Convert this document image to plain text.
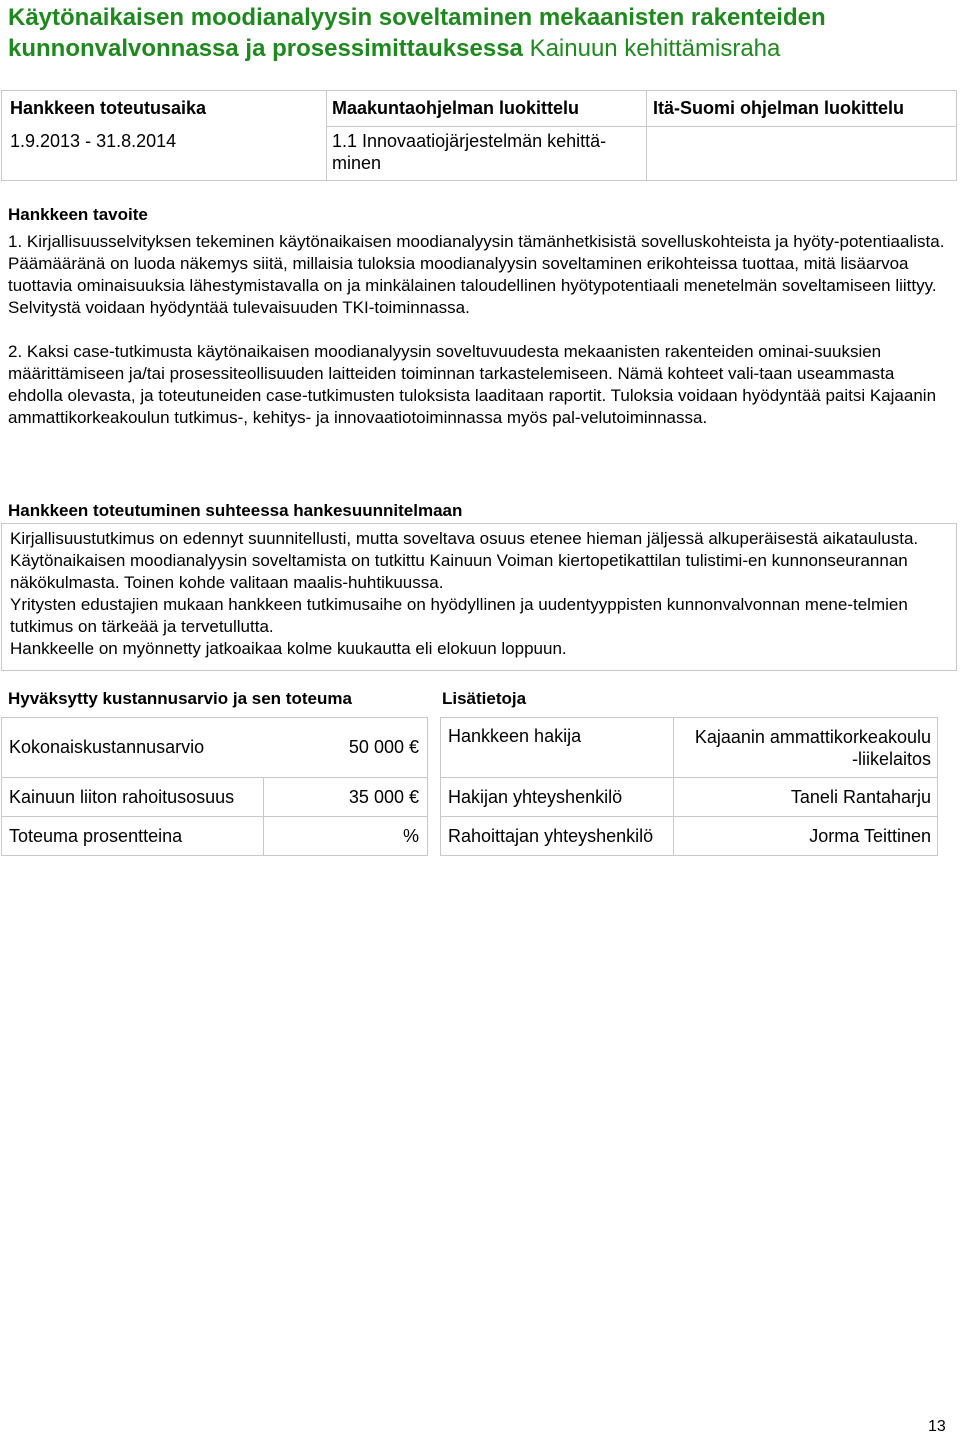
Käytönaikaisen moodianalyysin soveltaminen mekaanisten rakenteiden kunnonvalvonnassa ja prosessimittauksessa Kainuun kehittämisraha
Hankkeen toteutusaika	Maakuntaohjelman luokittelu	Itä-Suomi ohjelman luokittelu
1.9.2013 - 31.8.2014	1.1 Innovaatiojärjestelmän kehittä-
minen	

Hankkeen tavoite

1. Kirjallisuusselvityksen tekeminen käytönaikaisen moodianalyysin tämänhetkisistä sovelluskohteista ja hyöty-potentiaalista.

Päämääränä on luoda näkemys siitä, millaisia tuloksia moodianalyysin soveltaminen erikohteissa tuottaa, mitä lisäarvoa tuottavia ominaisuuksia lähestymistavalla on ja minkälainen taloudellinen hyötypotentiaali menetelmän soveltamiseen liittyy. Selvitystä voidaan hyödyntää tulevaisuuden TKI-toiminnassa.

2. Kaksi case-tutkimusta käytönaikaisen moodianalyysin soveltuvuudesta mekaanisten rakenteiden ominai-suuksien määrittämiseen ja/tai prosessiteollisuuden laitteiden toiminnan tarkastelemiseen. Nämä kohteet vali-taan useammasta ehdolla olevasta, ja toteutuneiden case-tutkimusten tuloksista laaditaan raportit. Tuloksia voidaan hyödyntää paitsi Kajaanin ammattikorkeakoulun tutkimus-, kehitys- ja innovaatiotoiminnassa myös pal-velutoiminnassa.

Hankkeen toteutuminen suhteessa hankesuunnitelmaan

Kirjallisuustutkimus on edennyt suunnitellusti, mutta soveltava osuus etenee hieman jäljessä alkuperäisestä aikataulusta. Käytönaikaisen moodianalyysin soveltamista on tutkittu Kainuun Voiman kiertopetikattilan tulistimi-en kunnonseurannan näkökulmasta. Toinen kohde valitaan maalis-huhtikuussa.

Yritysten edustajien mukaan hankkeen tutkimusaihe on hyödyllinen ja uudentyyppisten kunnonvalvonnan mene-telmien tutkimus on tärkeää ja tervetullutta.

Hankkeelle on myönnetty jatkoaikaa kolme kuukautta eli elokuun loppuun.

Hyväksytty kustannusarvio ja sen toteuma
Kokonaiskustannusarvio 50 000 €	

Kainuun liiton rahoitusosuus	35 000 €
Toteuma prosentteina	%
Lisätietoja
Hankkeen hakija	Kajaanin ammattikorkeakoulu
-liikelaitos

Hakijan yhteyshenkilö	Taneli Rantaharju
Rahoittajan yhteyshenkilö	Jorma Teittinen
13
